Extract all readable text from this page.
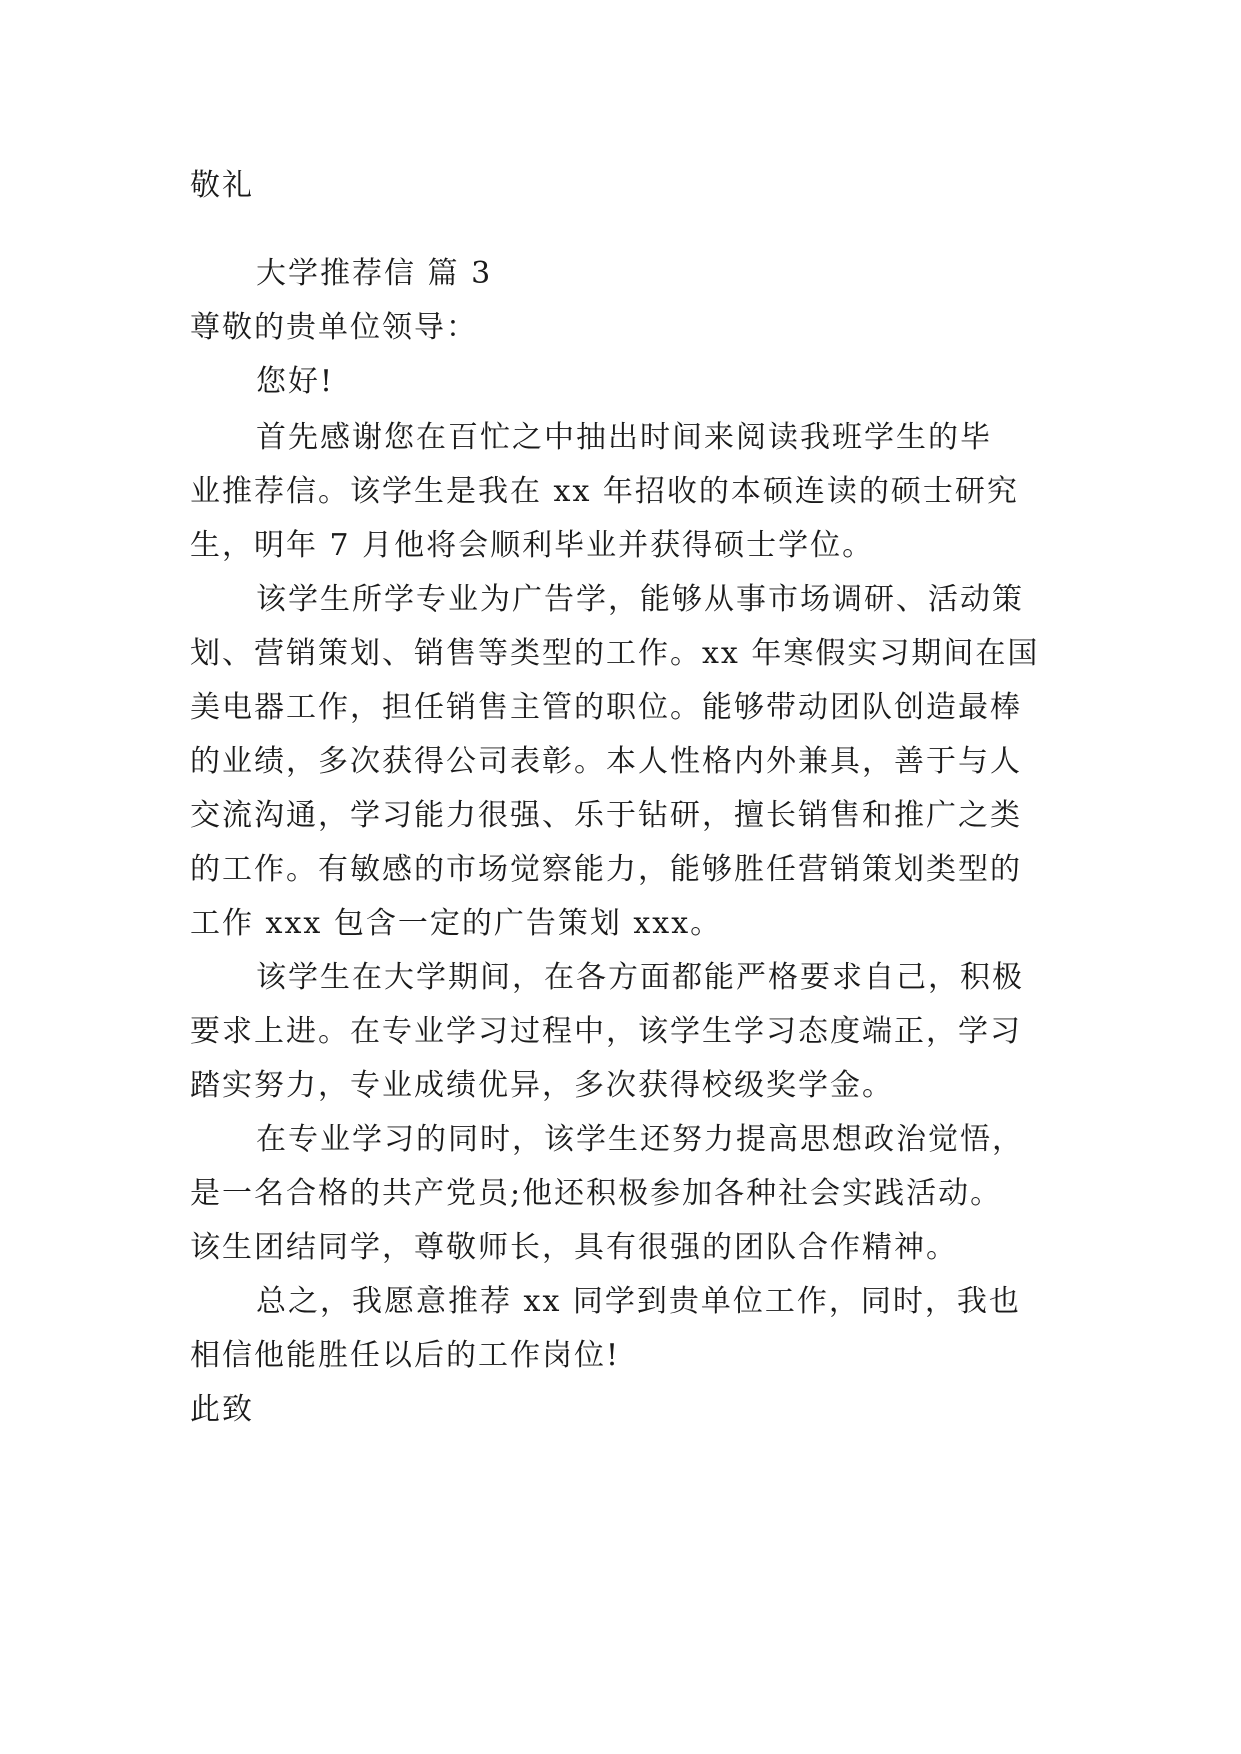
敬礼
大学推荐信 篇 3
尊敬的贵单位领导：
您好!
首先感谢您在百忙之中抽出时间来阅读我班学生的毕
业推荐信。该学生是我在 xx 年招收的本硕连读的硕士研究
生，明年 7 月他将会顺利毕业并获得硕士学位。
该学生所学专业为广告学，能够从事市场调研、活动策
划、营销策划、销售等类型的工作。xx 年寒假实习期间在国
美电器工作，担任销售主管的职位。能够带动团队创造最棒
的业绩，多次获得公司表彰。本人性格内外兼具，善于与人
交流沟通，学习能力很强、乐于钻研，擅长销售和推广之类
的工作。有敏感的市场觉察能力，能够胜任营销策划类型的
工作 xxx 包含一定的广告策划 xxx。
该学生在大学期间，在各方面都能严格要求自己，积极
要求上进。在专业学习过程中，该学生学习态度端正，学习
踏实努力，专业成绩优异，多次获得校级奖学金。
在专业学习的同时，该学生还努力提高思想政治觉悟，
是一名合格的共产党员;他还积极参加各种社会实践活动。
该生团结同学，尊敬师长，具有很强的团队合作精神。
总之，我愿意推荐 xx 同学到贵单位工作，同时，我也
相信他能胜任以后的工作岗位!
此致
